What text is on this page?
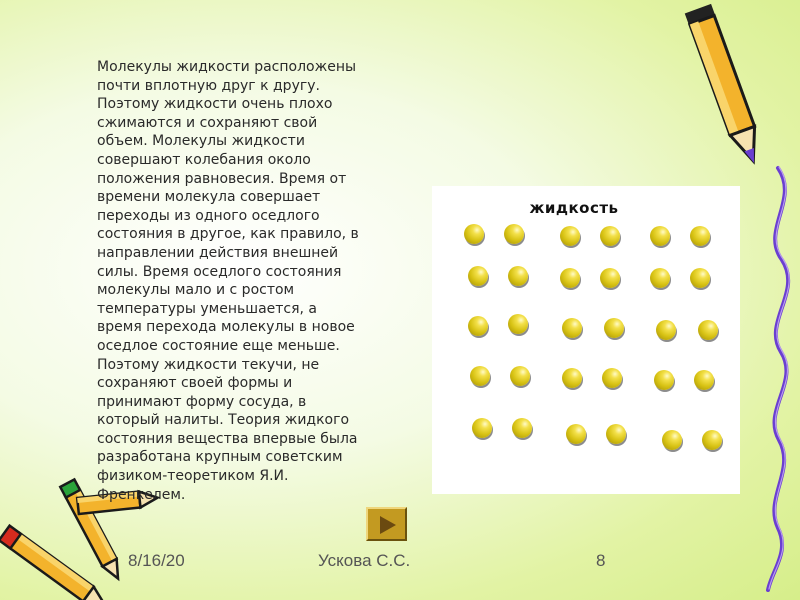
Молекулы жидкости расположены
почти вплотную друг к другу.
Поэтому жидкости очень плохо
сжимаются и сохраняют свой
объем. Молекулы жидкости
совершают колебания около
положения равновесия. Время от
времени молекула совершает
переходы из одного оседлого
состояния в другое, как правило, в
направлении действия внешней
силы. Время оседлого состояния
молекулы мало и с ростом
температуры уменьшается, а
время перехода молекулы в новое
оседлое состояние еще меньше.
Поэтому жидкости текучи, не
сохраняют своей формы и
принимают форму сосуда, в
который налиты. Теория жидкого
состояния вещества впервые была
разработана крупным советским
физиком-теоретиком Я.И.
Френкелем.

жидкость
8/16/20	Ускова С.С.	8
